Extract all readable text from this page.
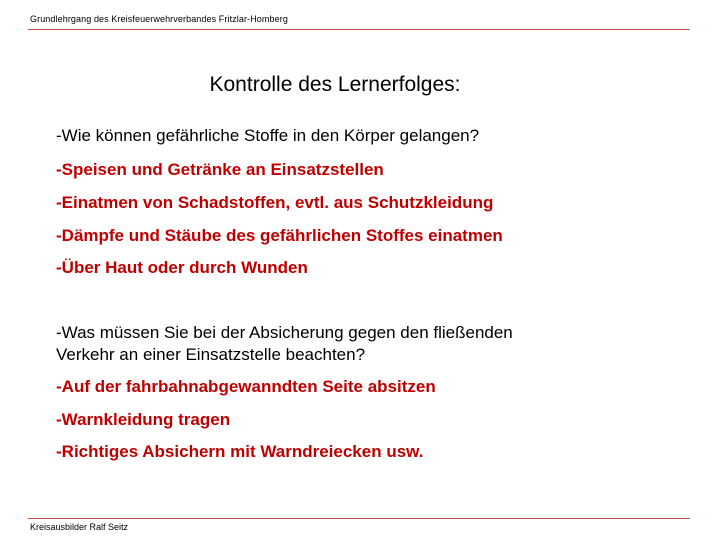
Grundlehrgang des Kreisfeuerwehrverbandes Fritzlar-Homberg
Kontrolle des Lernerfolges:
-Wie können gefährliche Stoffe in den Körper gelangen?
-Speisen und Getränke an Einsatzstellen
-Einatmen von Schadstoffen, evtl. aus Schutzkleidung
-Dämpfe und Stäube des gefährlichen Stoffes einatmen
-Über Haut oder durch Wunden
-Was müssen Sie bei der Absicherung gegen den fließenden
Verkehr an einer Einsatzstelle beachten?
-Auf der fahrbahnabgewanndten Seite absitzen
-Warnkleidung tragen
-Richtiges Absichern mit Warndreiecken usw.
Kreisausbilder Ralf Seitz
